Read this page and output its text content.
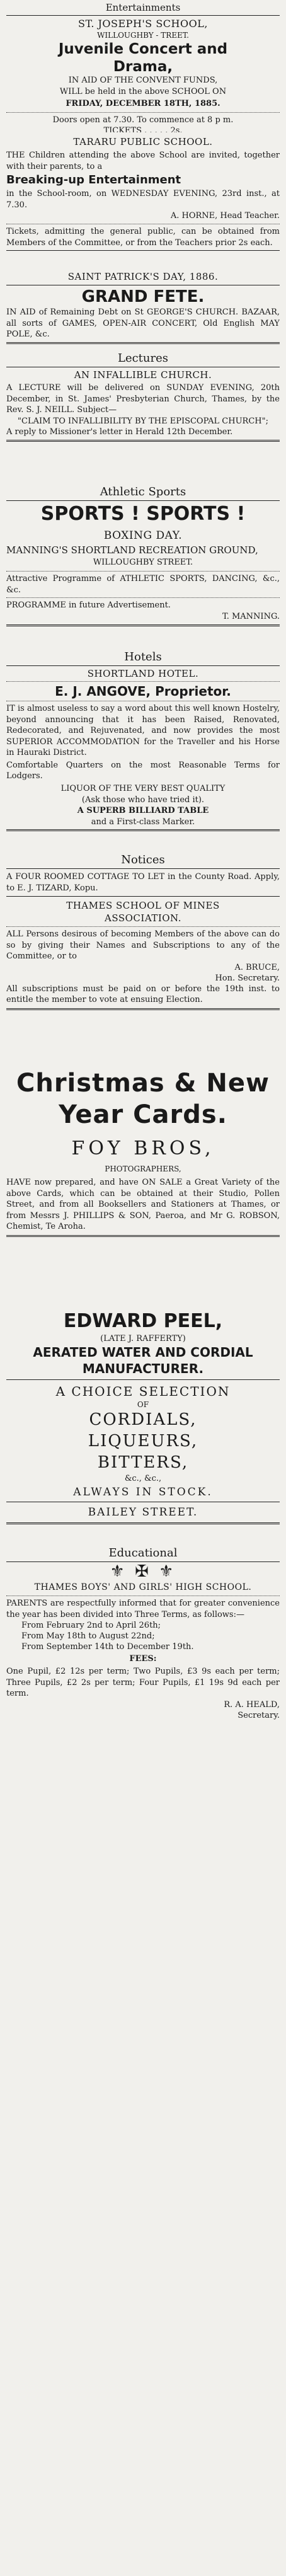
Entertainments
ST. JOSEPH'S SCHOOL,
WILLOUGHBY - TREET.
Juvenile Concert and
Drama,
IN AID OF THE CONVENT FUNDS,
WILL be held in the above SCHOOL ON
FRIDAY, DECEMBER 18TH, 1885.
Doors open at 7.30. To commence at 8 p m.
TICKETS . . . . . 2s.
TARARU PUBLIC SCHOOL.
THE Children attending the above School are invited, together with their parents, to a
Breaking-up Entertainment
in the School-room, on WEDNESDAY EVENING, 23rd inst., at 7.30.
A. HORNE, Head Teacher.
Tickets, admitting the general public, can be obtained from Members of the Committee, or from the Teachers prior 2s each.
SAINT PATRICK'S DAY, 1886.
GRAND FETE.
IN AID of Remaining Debt on St GEORGE'S CHURCH. BAZAAR, all sorts of GAMES, OPEN-AIR CONCERT, Old English MAY POLE, &c.
Lectures
AN INFALLIBLE CHURCH.
A LECTURE will be delivered on SUNDAY EVENING, 20th December, in St. James' Presbyterian Church, Thames, by the Rev. S. J. NEILL. Subject—
"CLAIM TO INFALLIBILITY BY THE EPISCOPAL CHURCH";
A reply to Missioner's letter in Herald 12th December.
Athletic Sports
SPORTS ! SPORTS !
BOXING DAY.
MANNING'S SHORTLAND RECREATION GROUND,
WILLOUGHBY STREET.
Attractive Programme of ATHLETIC SPORTS, DANCING, &c., &c.
PROGRAMME in future Advertisement.
T. MANNING.
Hotels
SHORTLAND HOTEL.
E. J. ANGOVE, Proprietor.
IT is almost useless to say a word about this well known Hostelry, beyond announcing that it has been Raised, Renovated, Redecorated, and Rejuvenated, and now provides the most SUPERIOR ACCOMMODATION for the Traveller and his Horse in Hauraki District.
Comfortable Quarters on the most Reasonable Terms for Lodgers.
LIQUOR OF THE VERY BEST QUALITY
(Ask those who have tried it).
A SUPERB BILLIARD TABLE
and a First-class Marker.
Notices
A FOUR ROOMED COTTAGE TO LET in the County Road. Apply, to E. J. TIZARD, Kopu.
THAMES SCHOOL OF MINES
ASSOCIATION.
ALL Persons desirous of becoming Members of the above can do so by giving their Names and Subscriptions to any of the Committee, or to
A. BRUCE,
Hon. Secretary.
All subscriptions must be paid on or before the 19th inst. to entitle the member to vote at ensuing Election.
Christmas & New
Year Cards.
FOY BROS,
PHOTOGRAPHERS,
HAVE now prepared, and have ON SALE a Great Variety of the above Cards, which can be obtained at their Studio, Pollen Street, and from all Booksellers and Stationers at Thames, or from Messrs J. PHILLIPS & SON, Paeroa, and Mr G. ROBSON, Chemist, Te Aroha.
EDWARD PEEL,
(LATE J. RAFFERTY)
AERATED WATER AND CORDIAL
MANUFACTURER.
A CHOICE SELECTION
OF
CORDIALS,
LIQUEURS,
BITTERS,
&c., &c.,
ALWAYS IN STOCK.
BAILEY STREET.
Educational
⚜ ✠ ⚜
THAMES BOYS' AND GIRLS' HIGH SCHOOL.
PARENTS are respectfully informed that for greater convenience the year has been divided into Three Terms, as follows:—
From February 2nd to April 26th;
From May 18th to August 22nd;
From September 14th to December 19th.
FEES:
One Pupil, £2 12s per term; Two Pupils, £3 9s each per term; Three Pupils, £2 2s per term; Four Pupils, £1 19s 9d each per term.
R. A. HEALD,
Secretary.
